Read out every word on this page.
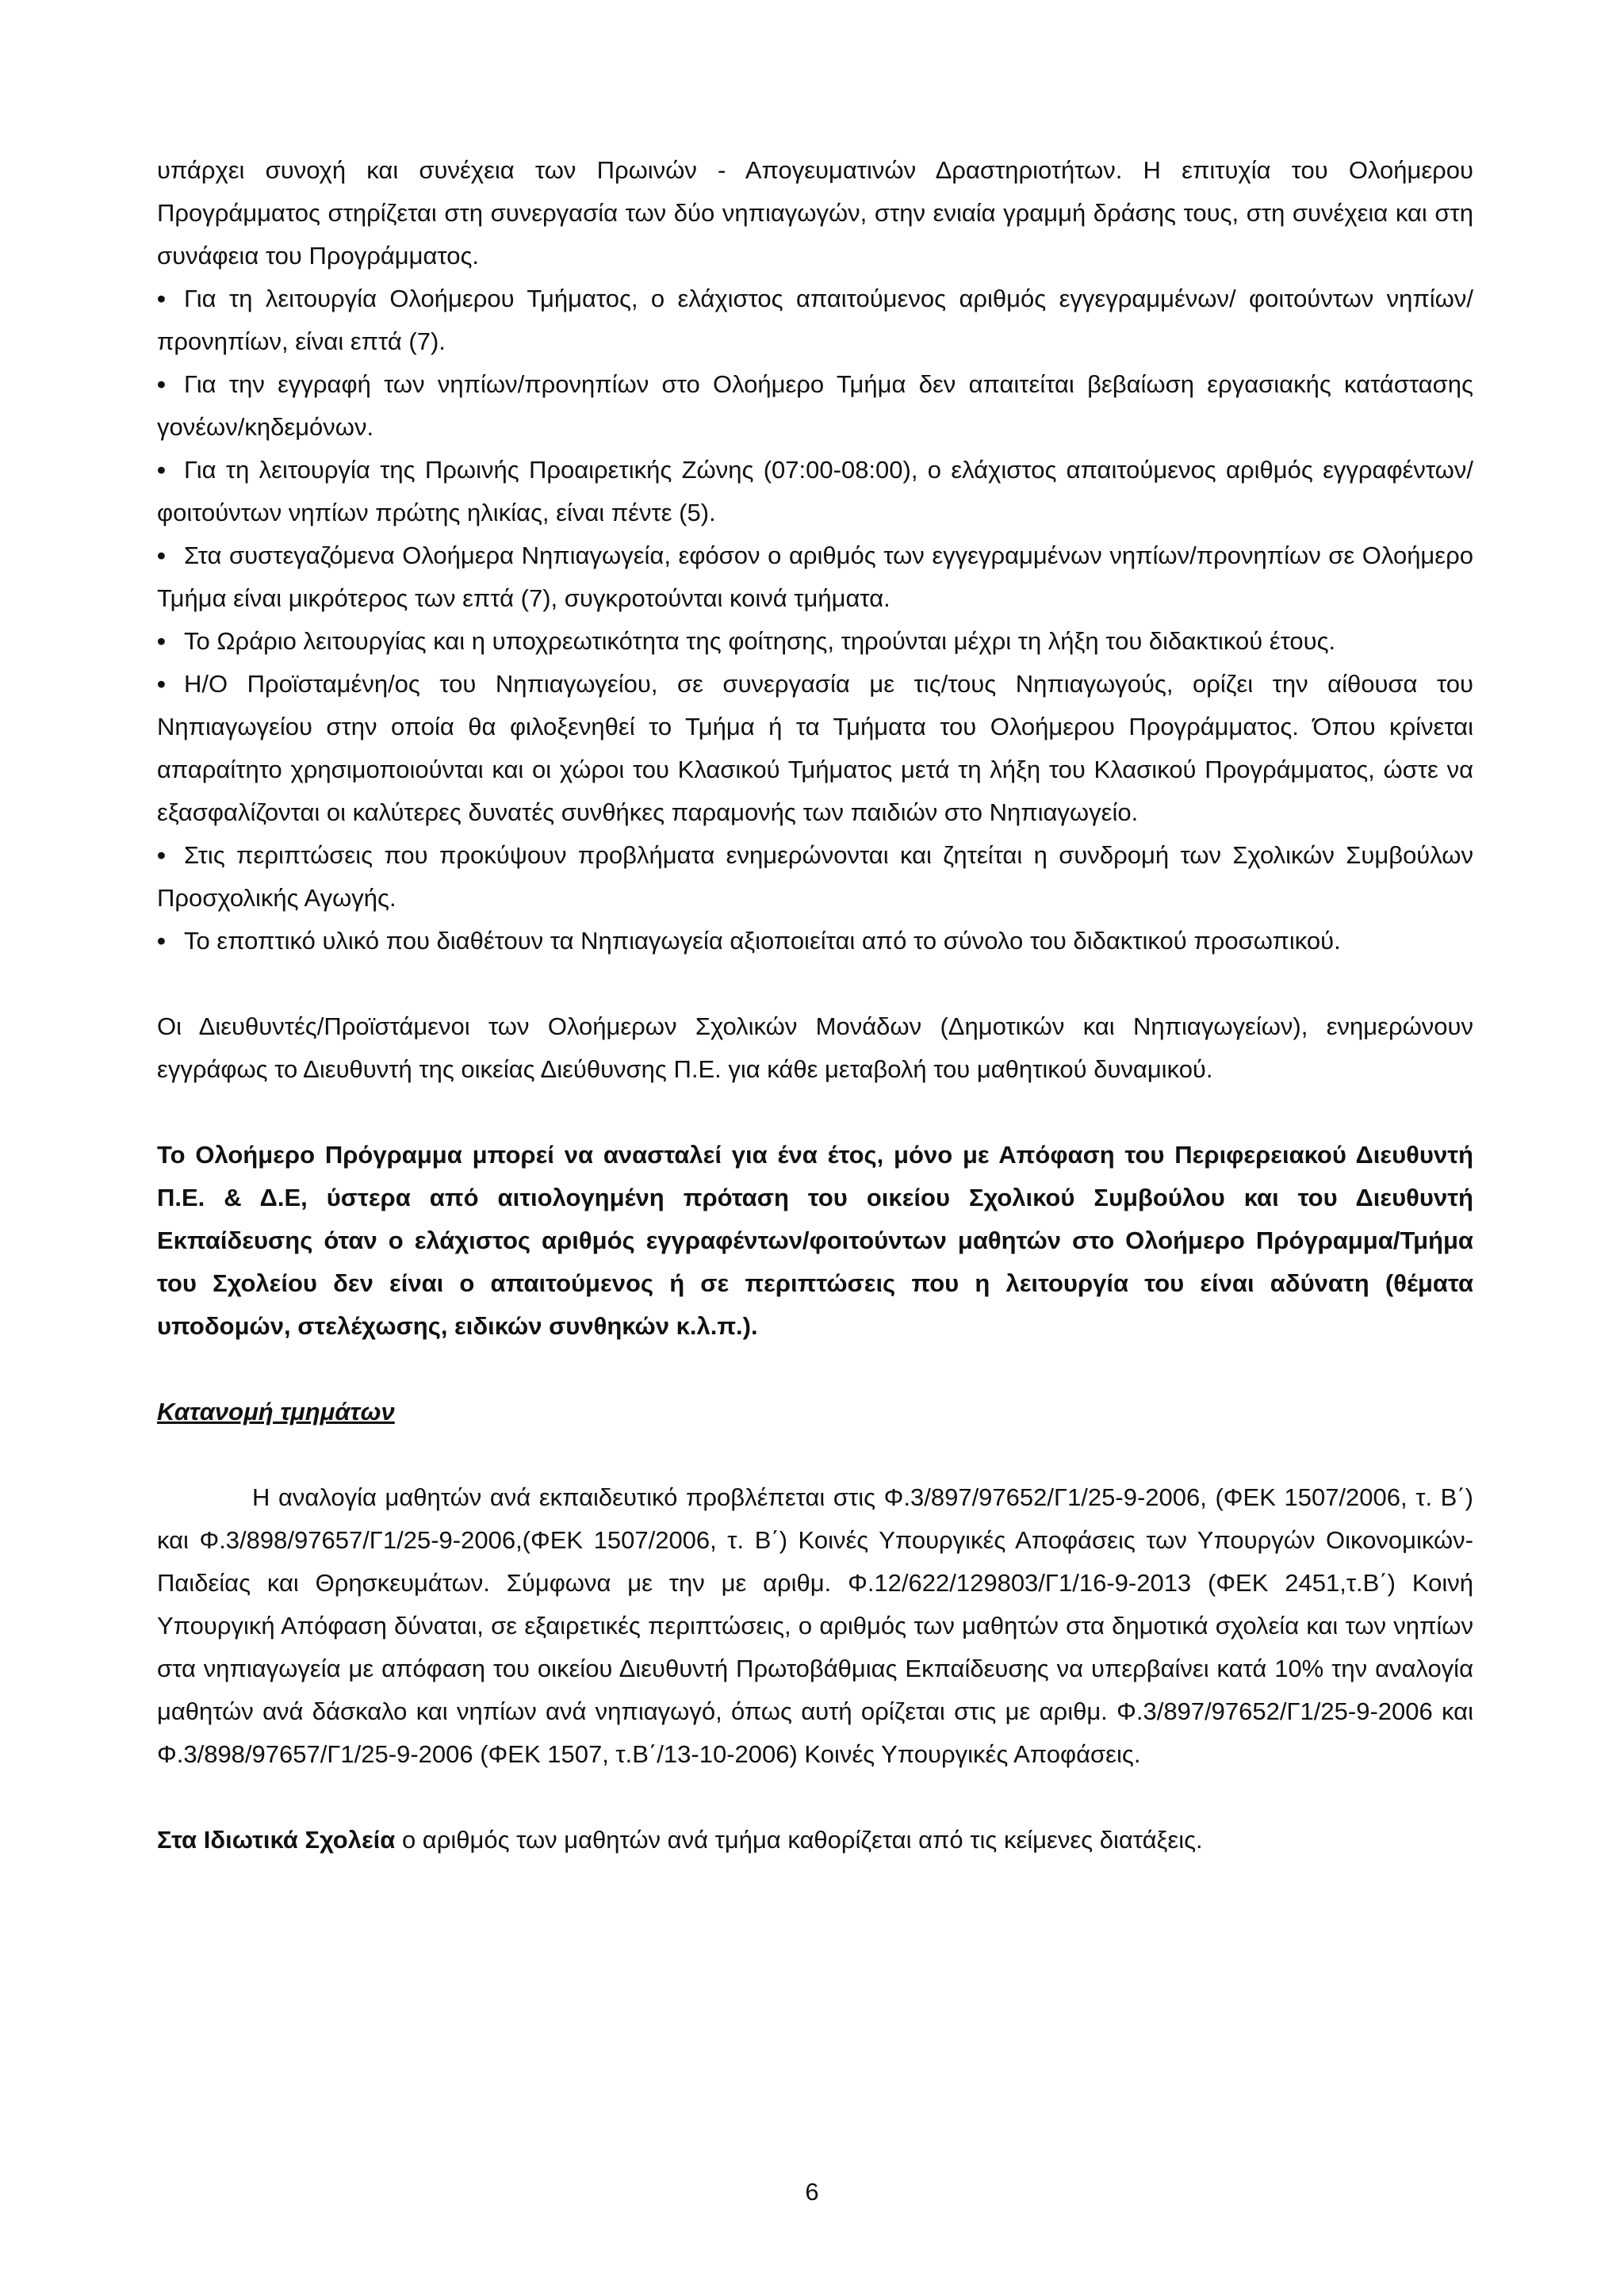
υπάρχει συνοχή και συνέχεια των Πρωινών - Απογευματινών Δραστηριοτήτων. Η επιτυχία του Ολοήμερου Προγράμματος στηρίζεται στη συνεργασία των δύο νηπιαγωγών, στην ενιαία γραμμή δράσης τους, στη συνέχεια και στη συνάφεια του Προγράμματος.

• Για τη λειτουργία Ολοήμερου Τμήματος, ο ελάχιστος απαιτούμενος αριθμός εγγεγραμμένων/ φοιτούντων νηπίων/ προνηπίων, είναι επτά (7).
• Για την εγγραφή των νηπίων/προνηπίων στο Ολοήμερο Τμήμα δεν απαιτείται βεβαίωση εργασιακής κατάστασης γονέων/κηδεμόνων.
• Για τη λειτουργία της Πρωινής Προαιρετικής Ζώνης (07:00-08:00), ο ελάχιστος απαιτούμενος αριθμός εγγραφέντων/φοιτούντων νηπίων πρώτης ηλικίας, είναι πέντε (5).
• Στα συστεγαζόμενα Ολοήμερα Νηπιαγωγεία, εφόσον ο αριθμός των εγγεγραμμένων νηπίων/προνηπίων σε Ολοήμερο Τμήμα είναι μικρότερος των επτά (7), συγκροτούνται κοινά τμήματα.
• Το Ωράριο λειτουργίας και η υποχρεωτικότητα της φοίτησης, τηρούνται μέχρι τη λήξη του διδακτικού έτους.
• Η/Ο Προϊσταμένη/ος του Νηπιαγωγείου, σε συνεργασία με τις/τους Νηπιαγωγούς, ορίζει την αίθουσα του Νηπιαγωγείου στην οποία θα φιλοξενηθεί το Τμήμα ή τα Τμήματα του Ολοήμερου Προγράμματος. Όπου κρίνεται απαραίτητο χρησιμοποιούνται και οι χώροι του Κλασικού Τμήματος μετά τη λήξη του Κλασικού Προγράμματος, ώστε να εξασφαλίζονται οι καλύτερες δυνατές συνθήκες παραμονής των παιδιών στο Νηπιαγωγείο.
• Στις περιπτώσεις που προκύψουν προβλήματα ενημερώνονται και ζητείται η συνδρομή των Σχολικών Συμβούλων Προσχολικής Αγωγής.
• Το εποπτικό υλικό που διαθέτουν τα Νηπιαγωγεία αξιοποιείται από το σύνολο του διδακτικού προσωπικού.

Οι Διευθυντές/Προϊστάμενοι των Ολοήμερων Σχολικών Μονάδων (Δημοτικών και Νηπιαγωγείων), ενημερώνουν εγγράφως το Διευθυντή της οικείας Διεύθυνσης Π.Ε. για κάθε μεταβολή του μαθητικού δυναμικού.

Το Ολοήμερο Πρόγραμμα μπορεί να ανασταλεί για ένα έτος, μόνο με Απόφαση του Περιφερειακού Διευθυντή Π.Ε. & Δ.Ε, ύστερα από αιτιολογημένη πρόταση του οικείου Σχολικού Συμβούλου και του Διευθυντή Εκπαίδευσης όταν ο ελάχιστος αριθμός εγγραφέντων/φοιτούντων μαθητών στο Ολοήμερο Πρόγραμμα/Τμήμα του Σχολείου δεν είναι ο απαιτούμενος ή σε περιπτώσεις που η λειτουργία του είναι αδύνατη (θέματα υποδομών, στελέχωσης, ειδικών συνθηκών κ.λ.π.).

Κατανομή τμημάτων

Η αναλογία μαθητών ανά εκπαιδευτικό προβλέπεται στις Φ.3/897/97652/Γ1/25-9-2006, (ΦΕΚ 1507/2006, τ. Β΄) και Φ.3/898/97657/Γ1/25-9-2006,(ΦΕΚ 1507/2006, τ. Β΄) Κοινές Υπουργικές Αποφάσεις των Υπουργών Οικονομικών-Παιδείας και Θρησκευμάτων. Σύμφωνα με την με αριθμ. Φ.12/622/129803/Γ1/16-9-2013 (ΦΕΚ 2451,τ.Β΄) Κοινή Υπουργική Απόφαση δύναται, σε εξαιρετικές περιπτώσεις, ο αριθμός των μαθητών στα δημοτικά σχολεία και των νηπίων στα νηπιαγωγεία με απόφαση του οικείου Διευθυντή Πρωτοβάθμιας Εκπαίδευσης να υπερβαίνει κατά 10% την αναλογία μαθητών ανά δάσκαλο και νηπίων ανά νηπιαγωγό, όπως αυτή ορίζεται στις με αριθμ. Φ.3/897/97652/Γ1/25-9-2006 και Φ.3/898/97657/Γ1/25-9-2006 (ΦΕΚ 1507, τ.Β΄/13-10-2006) Κοινές Υπουργικές Αποφάσεις.

Στα Ιδιωτικά Σχολεία ο αριθμός των μαθητών ανά τμήμα καθορίζεται από τις κείμενες διατάξεις.

6
